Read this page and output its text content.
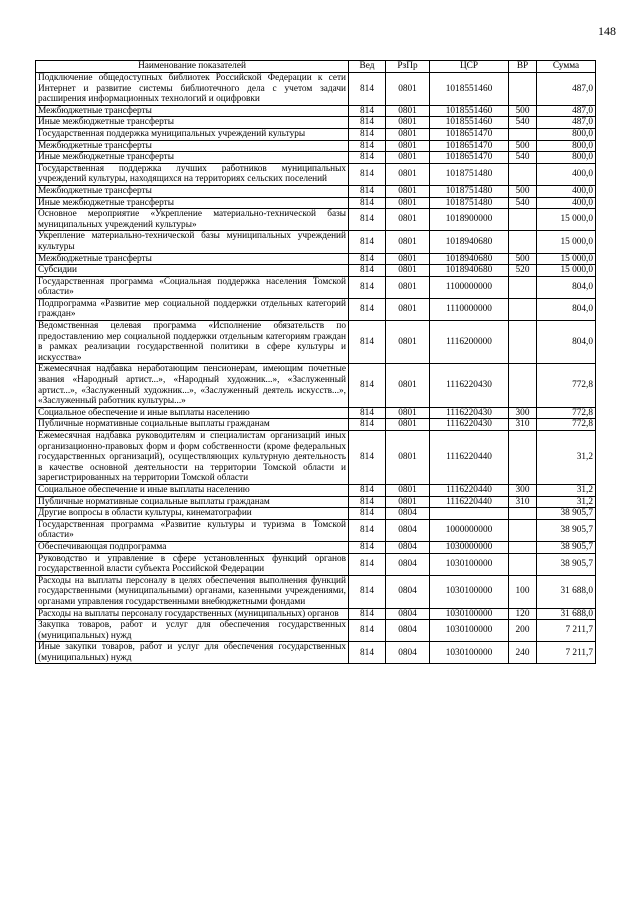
148
Наименование показателей	Вед	РзПр	ЦСР	ВР	Сумма
Подключение общедоступных библиотек Российской Федерации к сети Интернет и развитие системы библиотечного дела с учетом задачи расширения информационных технологий и оцифровки	814	0801	1018551460		487,0
Межбюджетные трансферты	814	0801	1018551460	500	487,0
Иные межбюджетные трансферты	814	0801	1018551460	540	487,0
Государственная поддержка муниципальных учреждений культуры	814	0801	1018651470		800,0
Межбюджетные трансферты	814	0801	1018651470	500	800,0
Иные межбюджетные трансферты	814	0801	1018651470	540	800,0
Государственная поддержка лучших работников муниципальных учреждений культуры, находящихся на территориях сельских поселений	814	0801	1018751480		400,0
Межбюджетные трансферты	814	0801	1018751480	500	400,0
Иные межбюджетные трансферты	814	0801	1018751480	540	400,0
Основное мероприятие «Укрепление материально-технической базы муниципальных учреждений культуры»	814	0801	1018900000		15 000,0
Укрепление материально-технической базы муниципальных учреждений культуры	814	0801	1018940680		15 000,0
Межбюджетные трансферты	814	0801	1018940680	500	15 000,0
Субсидии	814	0801	1018940680	520	15 000,0
Государственная программа «Социальная поддержка населения Томской области»	814	0801	1100000000		804,0
Подпрограмма «Развитие мер социальной поддержки отдельных категорий граждан»	814	0801	1110000000		804,0
Ведомственная целевая программа «Исполнение обязательств по предоставлению мер социальной поддержки отдельным категориям граждан в рамках реализации государственной политики в сфере культуры и искусства»	814	0801	1116200000		804,0
Ежемесячная надбавка неработающим пенсионерам, имеющим почетные звания «Народный артист...», «Народный художник...», «Заслуженный артист...», «Заслуженный художник...», «Заслуженный деятель искусств...», «Заслуженный работник культуры...»	814	0801	1116220430		772,8
Социальное обеспечение и иные выплаты населению	814	0801	1116220430	300	772,8
Публичные нормативные социальные выплаты гражданам	814	0801	1116220430	310	772,8
Ежемесячная надбавка руководителям и специалистам организаций иных организационно-правовых форм и форм собственности (кроме федеральных государственных организаций), осуществляющих культурную деятельность в качестве основной деятельности на территории Томской области и зарегистрированных на территории Томской области	814	0801	1116220440		31,2
Социальное обеспечение и иные выплаты населению	814	0801	1116220440	300	31,2
Публичные нормативные социальные выплаты гражданам	814	0801	1116220440	310	31,2
Другие вопросы в области культуры, кинематографии	814	0804			38 905,7
Государственная программа «Развитие культуры и туризма в Томской области»	814	0804	1000000000		38 905,7
Обеспечивающая подпрограмма	814	0804	1030000000		38 905,7
Руководство и управление в сфере установленных функций органов государственной власти субъекта Российской Федерации	814	0804	1030100000		38 905,7
Расходы на выплаты персоналу в целях обеспечения выполнения функций государственными (муниципальными) органами, казенными учреждениями, органами управления государственными внебюджетными фондами	814	0804	1030100000	100	31 688,0
Расходы на выплаты персоналу государственных (муниципальных) органов	814	0804	1030100000	120	31 688,0
Закупка товаров, работ и услуг для обеспечения государственных (муниципальных) нужд	814	0804	1030100000	200	7 211,7
Иные закупки товаров, работ и услуг для обеспечения государственных (муниципальных) нужд	814	0804	1030100000	240	7 211,7
